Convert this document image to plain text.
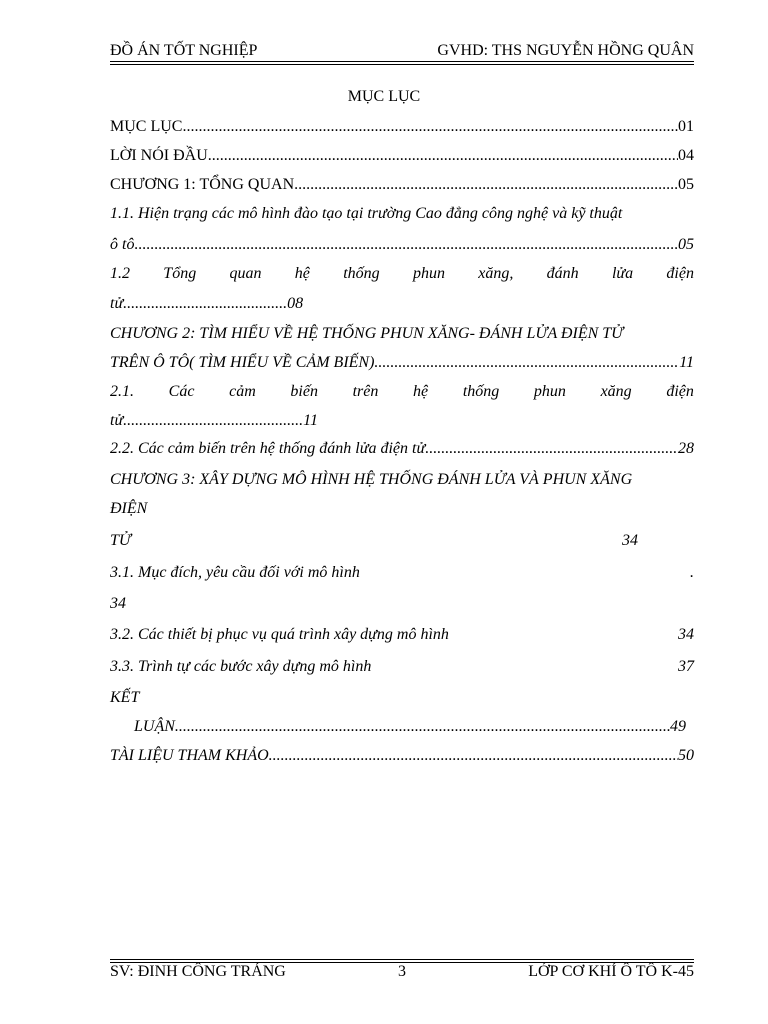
ĐỒ ÁN TỐT NGHIỆP	GVHD: THS NGUYỄN HỒNG QUÂN
MỤC LỤC
MỤC LỤC .....	01
LỜI NÓI ĐẦU .....	04
CHƯƠNG 1: TỔNG QUAN .....	05
1.1. Hiện trạng các mô hình đào tạo tại trường Cao đẳng công nghệ và kỹ thuật
ô tô .....	05
1.2 Tổng quan hệ thống phun xăng, đánh lửa điện
tử.........................................08
CHƯƠNG 2: TÌM HIỂU VỀ HỆ THỐNG PHUN XĂNG- ĐÁNH LỬA ĐIỆN TỬ
TRÊN Ô TÔ( TÌM HIỂU VỀ CẢM BIẾN) .....	11
2.1. Các cảm biến trên hệ thống phun xăng điện
tử.............................................11
2.2. Các cảm biến trên hệ thống đánh lửa điện tử .....	28
CHƯƠNG 3: XÂY DỰNG MÔ HÌNH HỆ THỐNG ĐÁNH LỬA VÀ PHUN XĂNG
ĐIỆN
TỬ	34
3.1. Mục đích, yêu cầu đối với mô hình	.
34
3.2. Các thiết bị phục vụ quá trình xây dựng mô hình	34
3.3. Trình tự các bước xây dựng mô hình	37
KẾT
LUẬN .....	49
TÀI LIỆU THAM KHẢO .....	50
SV: ĐINH CÔNG TRÁNG	3	LỚP CƠ KHÍ Ô TÔ K-45
